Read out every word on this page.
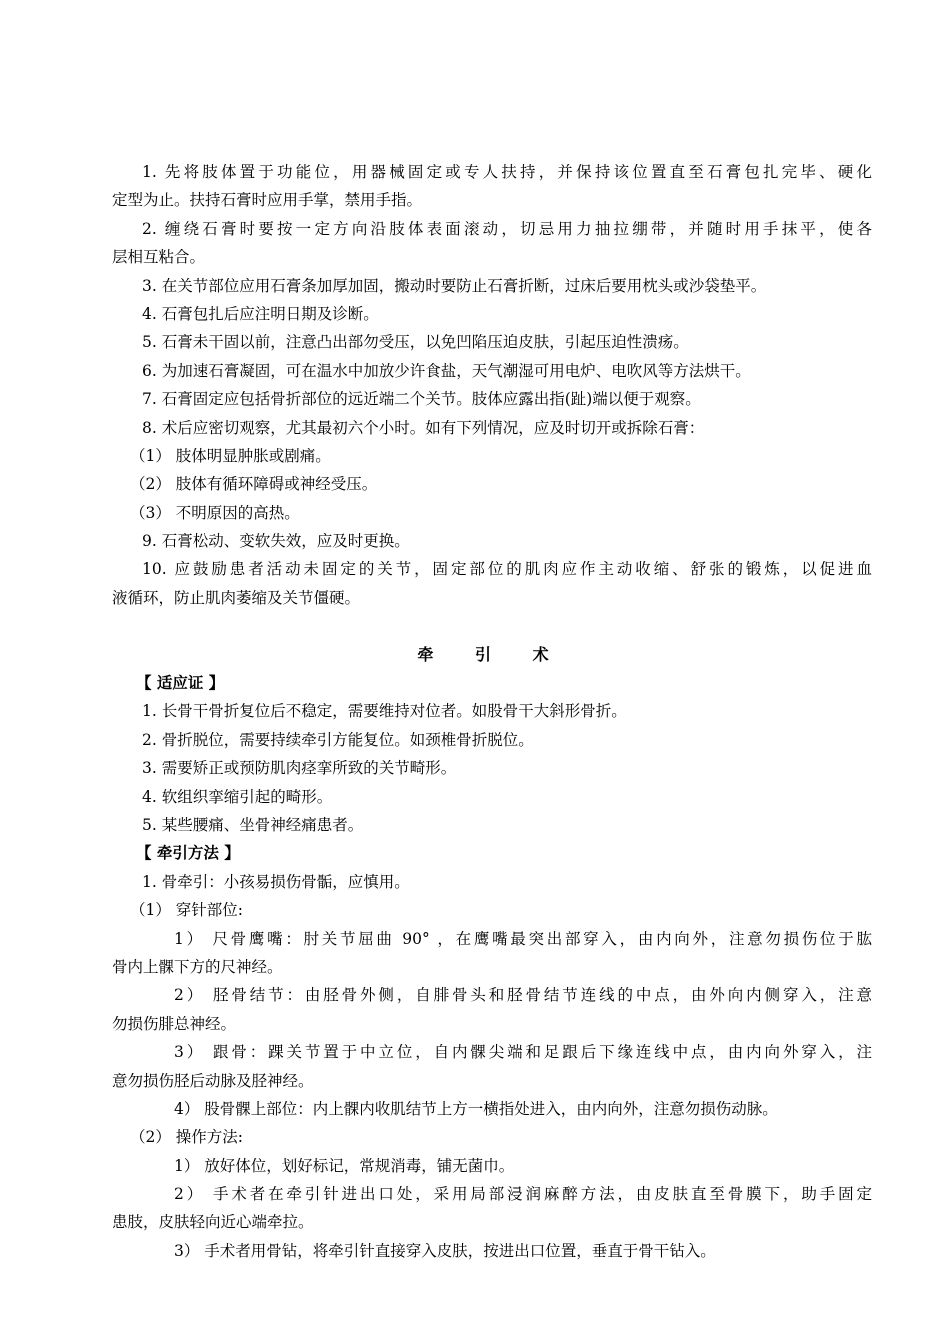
1. 先将肢体置于功能位，用器械固定或专人扶持，并保持该位置直至石膏包扎完毕、硬化
定型为止。扶持石膏时应用手掌，禁用手指。
2. 缠绕石膏时要按一定方向沿肢体表面滚动，切忌用力抽拉绷带，并随时用手抹平，使各
层相互粘合。
3. 在关节部位应用石膏条加厚加固，搬动时要防止石膏折断，过床后要用枕头或沙袋垫平。
4. 石膏包扎后应注明日期及诊断。
5. 石膏未干固以前，注意凸出部勿受压，以免凹陷压迫皮肤，引起压迫性溃疡。
6. 为加速石膏凝固，可在温水中加放少许食盐，天气潮湿可用电炉、电吹风等方法烘干。
7. 石膏固定应包括骨折部位的远近端二个关节。肢体应露出指(趾)端以便于观察。
8. 术后应密切观察，尤其最初六个小时。如有下列情况，应及时切开或拆除石膏：
（1） 肢体明显肿胀或剧痛。
（2） 肢体有循环障碍或神经受压。
（3） 不明原因的高热。
9. 石膏松动、变软失效，应及时更换。
10. 应鼓励患者活动未固定的关节，固定部位的肌肉应作主动收缩、舒张的锻炼，以促进血
液循环，防止肌肉萎缩及关节僵硬。
牵 引 术
【 适应证 】
1. 长骨干骨折复位后不稳定，需要维持对位者。如股骨干大斜形骨折。
2. 骨折脱位，需要持续牵引方能复位。如颈椎骨折脱位。
3. 需要矫正或预防肌肉痉挛所致的关节畸形。
4. 软组织挛缩引起的畸形。
5. 某些腰痛、坐骨神经痛患者。
【 牵引方法 】
1. 骨牵引：小孩易损伤骨骺，应慎用。
（1） 穿针部位:
1） 尺骨鹰嘴：肘关节屈曲 90° ，在鹰嘴最突出部穿入，由内向外，注意勿损伤位于肱
骨内上髁下方的尺神经。
2） 胫骨结节：由胫骨外侧，自腓骨头和胫骨结节连线的中点，由外向内侧穿入，注意
勿损伤腓总神经。
3） 跟骨：踝关节置于中立位，自内髁尖端和足跟后下缘连线中点，由内向外穿入，注
意勿损伤胫后动脉及胫神经。
4） 股骨髁上部位：内上髁内收肌结节上方一横指处进入，由内向外，注意勿损伤动脉。
（2） 操作方法:
1） 放好体位，划好标记，常规消毒，铺无菌巾。
2） 手术者在牵引针进出口处，采用局部浸润麻醉方法，由皮肤直至骨膜下，助手固定
患肢，皮肤轻向近心端牵拉。
3） 手术者用骨钻，将牵引针直接穿入皮肤，按进出口位置，垂直于骨干钻入。
